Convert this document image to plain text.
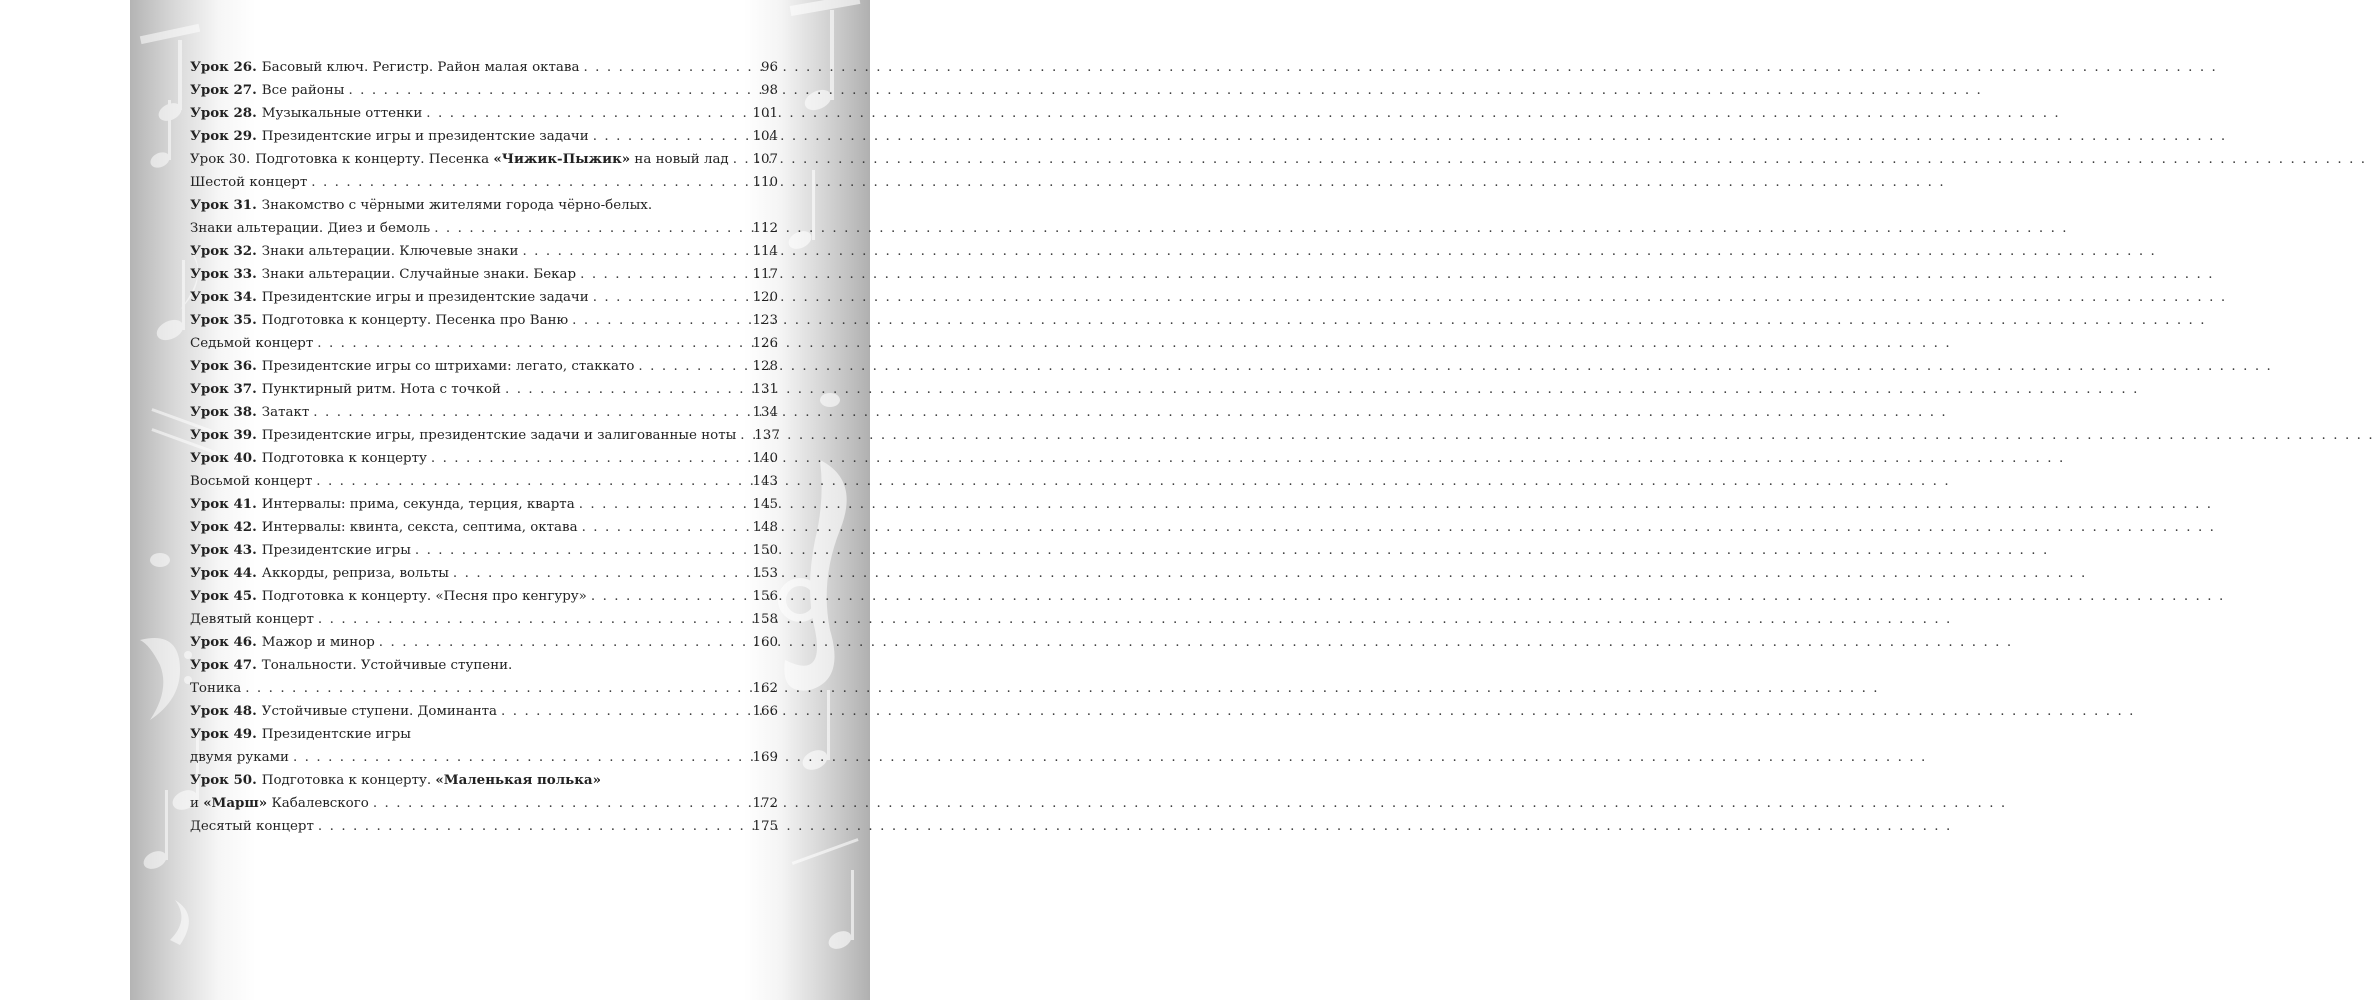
Урок 26. Басовый ключ. Регистр. Район малая октава . . .	96
Урок 27. Все районы . . .	98
Урок 28. Музыкальные оттенки . . .	101
Урок 29. Президентские игры и президентские задачи . . .	104
Урок 30. Подготовка к концерту. Песенка «Чижик-Пыжик» на новый лад . . . 107
Шестой концерт . . .	110
Урок 31. Знакомство с чёрными жителями города чёрно-белых.
Знаки альтерации. Диез и бемоль . . .	112
Урок 32. Знаки альтерации. Ключевые знаки . . .	114
Урок 33. Знаки альтерации. Случайные знаки. Бекар . . .	117
Урок 34. Президентские игры и президентские задачи . . .	120
Урок 35. Подготовка к концерту. Песенка про Ваню . . .	123
Седьмой концерт . . .	126
Урок 36. Президентские игры со штрихами: легато, стаккато . . .	128
Урок 37. Пунктирный ритм. Нота с точкой . . .	131
Урок 38. Затакт . . .	134
Урок 39. Президентские игры, президентские задачи и залигованные ноты . . . 137
Урок 40. Подготовка к концерту . . .	140
Восьмой концерт . . .	143
Урок 41. Интервалы: прима, секунда, терция, кварта . . .	145
Урок 42. Интервалы: квинта, секста, септима, октава . . .	148
Урок 43. Президентские игры . . .	150
Урок 44. Аккорды, реприза, вольты . . .	153
Урок 45. Подготовка к концерту. «Песня про кенгуру» . . .	156
Девятый концерт . . .	158
Урок 46. Мажор и минор . . .	160
Урок 47. Тональности. Устойчивые ступени.
Тоника . . .	162
Урок 48. Устойчивые ступени. Доминанта . . .	166
Урок 49. Президентские игры
двумя руками . . .	169
Урок 50. Подготовка к концерту. «Маленькая полька»
и «Марш» Кабалевского . . .	172
Десятый концерт . . .	175
